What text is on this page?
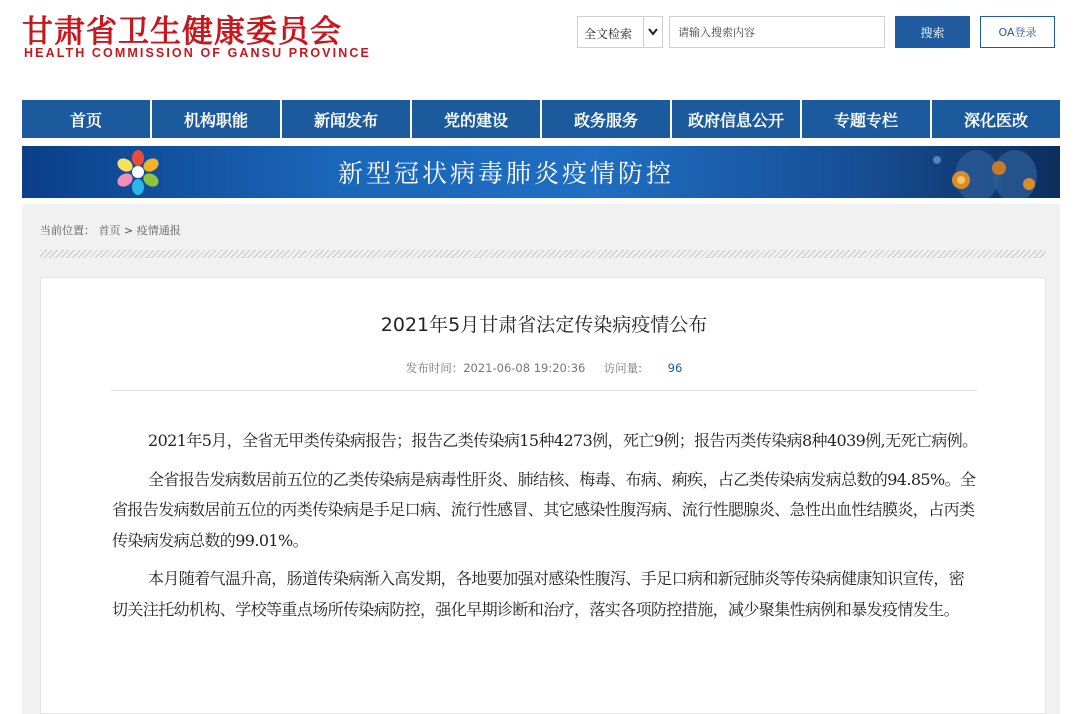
甘肃省卫生健康委员会
HEALTH COMMISSION OF GANSU PROVINCE
全文检索
请输入搜索内容	搜索	OA登录
首页	机构职能	新闻发布	党的建设	政务服务	政府信息公开	专题专栏	深化医改
新型冠状病毒肺炎疫情防控
当前位置： 首页 > 疫情通报
2021年5月甘肃省法定传染病疫情公布
发布时间：2021-06-08 19:20:36 访问量: 96

2021年5月，全省无甲类传染病报告；报告乙类传染病15种4273例，死亡9例；报告丙类传染病8种4039例,无死亡病例。

全省报告发病数居前五位的乙类传染病是病毒性肝炎、肺结核、梅毒、布病、痢疾，占乙类传染病发病总数的94.85%。全省报告发病数居前五位的丙类传染病是手足口病、流行性感冒、其它感染性腹泻病、流行性腮腺炎、急性出血性结膜炎，占丙类传染病发病总数的99.01%。

本月随着气温升高，肠道传染病渐入高发期，各地要加强对感染性腹泻、手足口病和新冠肺炎等传染病健康知识宣传，密切关注托幼机构、学校等重点场所传染病防控，强化早期诊断和治疗，落实各项防控措施，减少聚集性病例和暴发疫情发生。
